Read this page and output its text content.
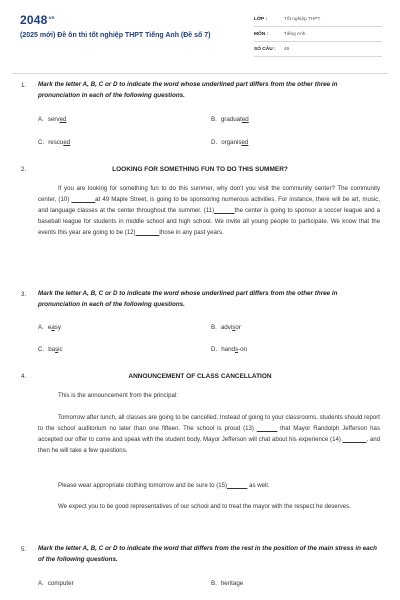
$2048^{.vn}$
(2025 mới) Đề ôn thi tốt nghiệp THPT Tiếng Anh (Đề số 7)
LỚP :	Tốt nghiệp THPT
MÔN :	Tiếng Anh
SỐ CÂU : 46
1. Mark the letter A, B, C or D to indicate the word whose underlined part differs from the other three in pronunciation in each of the following questions.
A. served	B. graduated
C. rescued	D. organised
2.	LOOKING FOR SOMETHING FUN TO DO THIS SUMMER?

If you are looking for something fun to do this summer, why don't you visit the community center? The community center, (10) _______at 49 Maple Street, is going to be sponsoring numerous activities. For instance, there will be art, music, and language classes at the center throughout the summer. (11)______the center is going to sponsor a soccer league and a baseball league for students in middle school and high school. We invite all young people to participate. We know that the events this year are going to be (12)_______those in any past years.

3. Mark the letter A, B, C or D to indicate the word whose underlined part differs from the other three in pronunciation in each of the following questions.
A. easy	B. advisor
C. basic	D. hands-on
4.	ANNOUNCEMENT OF CLASS CANCELLATION

This is the announcement from the principal:

Tomorrow after lunch, all classes are going to be cancelled. Instead of going to your classrooms, students should report to the school auditorium no later than one fifteen. The school is proud (13) ______ that Mayor Randolph Jefferson has accepted our offer to come and speak with the student body. Mayor Jefferson will chat about his experience (14) _______, and then he will take a few questions.

Please wear appropriate clothing tomorrow and be sure to (15)______ as well.

We expect you to be good representatives of our school and to treat the mayor with the respect he deserves.

5. Mark the letter A, B, C or D to indicate the word that differs from the rest in the position of the main stress in each of the following questions.
A. computer	B. heritage
